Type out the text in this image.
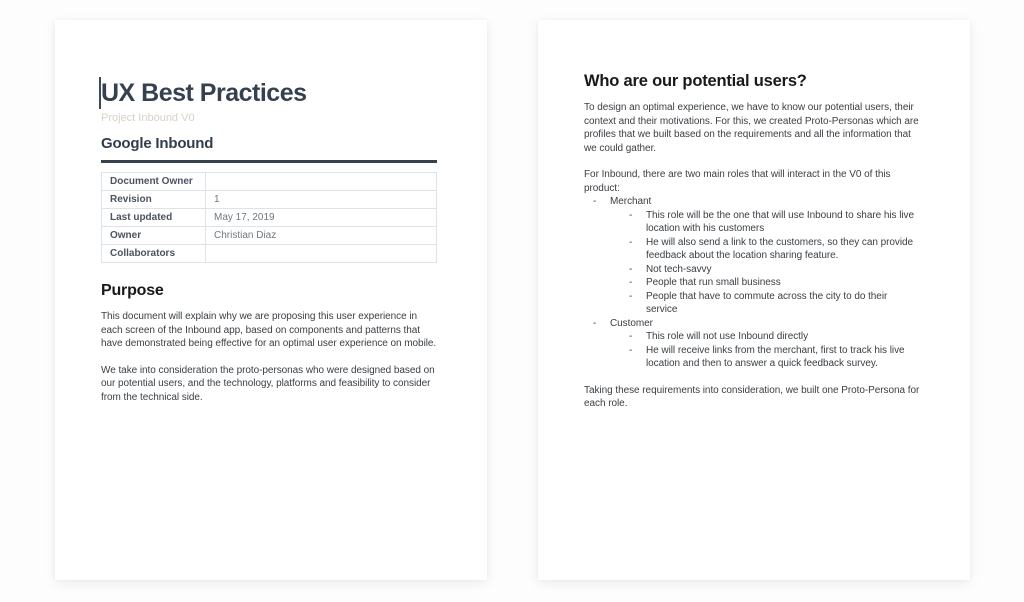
UX Best Practices
Project Inbound V0
Google Inbound
Document Owner	
Revision	1
Last updated	May 17, 2019
Owner	Christian Diaz
Collaborators	
Purpose

This document will explain why we are proposing this user experience in each screen of the Inbound app, based on components and patterns that have demonstrated being effective for an optimal user experience on mobile.

We take into consideration the proto-personas who were designed based on our potential users, and the technology, platforms and feasibility to consider from the technical side.

Who are our potential users?

To design an optimal experience, we have to know our potential users, their context and their motivations. For this, we created Proto-Personas which are profiles that we built based on the requirements and all the information that we could gather.

For Inbound, there are two main roles that will interact in the V0 of this product:

- Merchant
- This role will be the one that will use Inbound to share his live location with his customers
- He will also send a link to the customers, so they can provide feedback about the location sharing feature.
- Not tech-savvy
- People that run small business
- People that have to commute across the city to do their service
- Customer
- This role will not use Inbound directly
- He will receive links from the merchant, first to track his live location and then to answer a quick feedback survey.

Taking these requirements into consideration, we built one Proto-Persona for each role.
